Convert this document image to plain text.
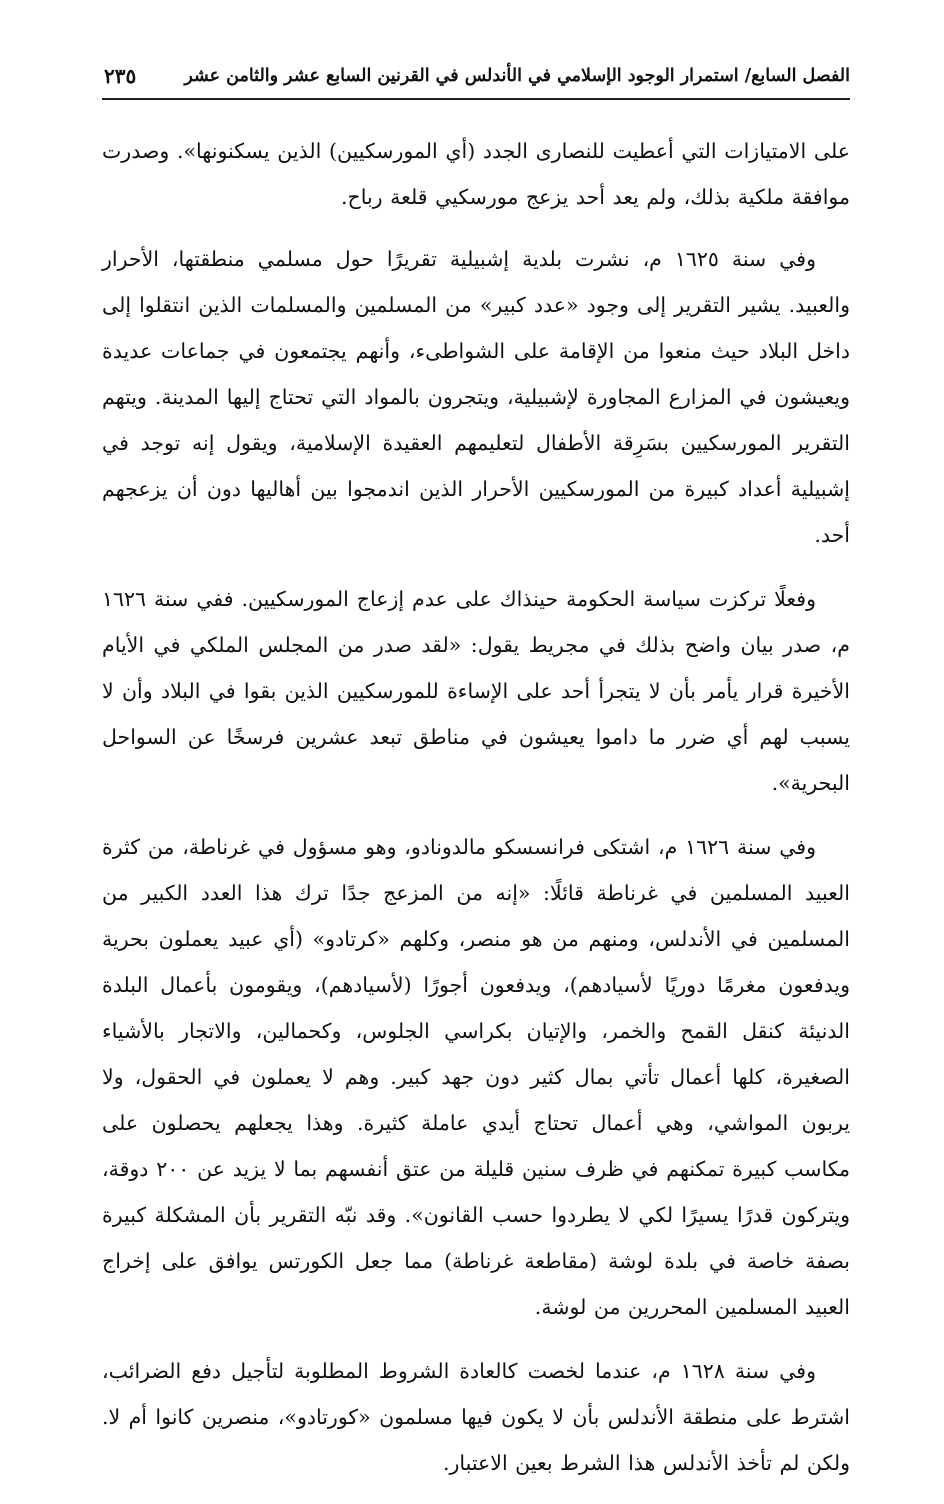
الفصل السابع/ استمرار الوجود الإسلامي في الأندلس في القرنين السابع عشر والثامن عشر
٢٣٥

على الامتيازات التي أعطيت للنصارى الجدد (أي المورسكيين) الذين يسكنونها». وصدرت موافقة ملكية بذلك، ولم يعد أحد يزعج مورسكيي قلعة رباح.

وفي سنة ١٦٢٥ م، نشرت بلدية إشبيلية تقريرًا حول مسلمي منطقتها، الأحرار والعبيد. يشير التقرير إلى وجود «عدد كبير» من المسلمين والمسلمات الذين انتقلوا إلى داخل البلاد حيث منعوا من الإقامة على الشواطىء، وأنهم يجتمعون في جماعات عديدة ويعيشون في المزارع المجاورة لإشبيلية، ويتجرون بالمواد التي تحتاج إليها المدينة. ويتهم التقرير المورسكيين بسَرِقة الأطفال لتعليمهم العقيدة الإسلامية، ويقول إنه توجد في إشبيلية أعداد كبيرة من المورسكيين الأحرار الذين اندمجوا بين أهاليها دون أن يزعجهم أحد.

وفعلًا تركزت سياسة الحكومة حينذاك على عدم إزعاج المورسكيين. ففي سنة ١٦٢٦ م، صدر بيان واضح بذلك في مجريط يقول: «لقد صدر من المجلس الملكي في الأيام الأخيرة قرار يأمر بأن لا يتجرأ أحد على الإساءة للمورسكيين الذين بقوا في البلاد وأن لا يسبب لهم أي ضرر ما داموا يعيشون في مناطق تبعد عشرين فرسخًا عن السواحل البحرية».

وفي سنة ١٦٢٦ م، اشتكى فرانسسكو مالدونادو، وهو مسؤول في غرناطة، من كثرة العبيد المسلمين في غرناطة قائلًا: «إنه من المزعج جدًا ترك هذا العدد الكبير من المسلمين في الأندلس، ومنهم من هو منصر، وكلهم «كرتادو» (أي عبيد يعملون بحرية ويدفعون مغرمًا دوريًا لأسيادهم)، ويدفعون أجورًا (لأسيادهم)، ويقومون بأعمال البلدة الدنيئة كنقل القمح والخمر، والإتيان بكراسي الجلوس، وكحمالين، والاتجار بالأشياء الصغيرة، كلها أعمال تأتي بمال كثير دون جهد كبير. وهم لا يعملون في الحقول، ولا يربون المواشي، وهي أعمال تحتاج أيدي عاملة كثيرة. وهذا يجعلهم يحصلون على مكاسب كبيرة تمكنهم في ظرف سنين قليلة من عتق أنفسهم بما لا يزيد عن ٢٠٠ دوقة، ويتركون قدرًا يسيرًا لكي لا يطردوا حسب القانون». وقد نبّه التقرير بأن المشكلة كبيرة بصفة خاصة في بلدة لوشة (مقاطعة غرناطة) مما جعل الكورتس يوافق على إخراج العبيد المسلمين المحررين من لوشة.

وفي سنة ١٦٢٨ م، عندما لخصت كالعادة الشروط المطلوبة لتأجيل دفع الضرائب، اشترط على منطقة الأندلس بأن لا يكون فيها مسلمون «كورتادو»، منصرين كانوا أم لا. ولكن لم تأخذ الأندلس هذا الشرط بعين الاعتبار.
